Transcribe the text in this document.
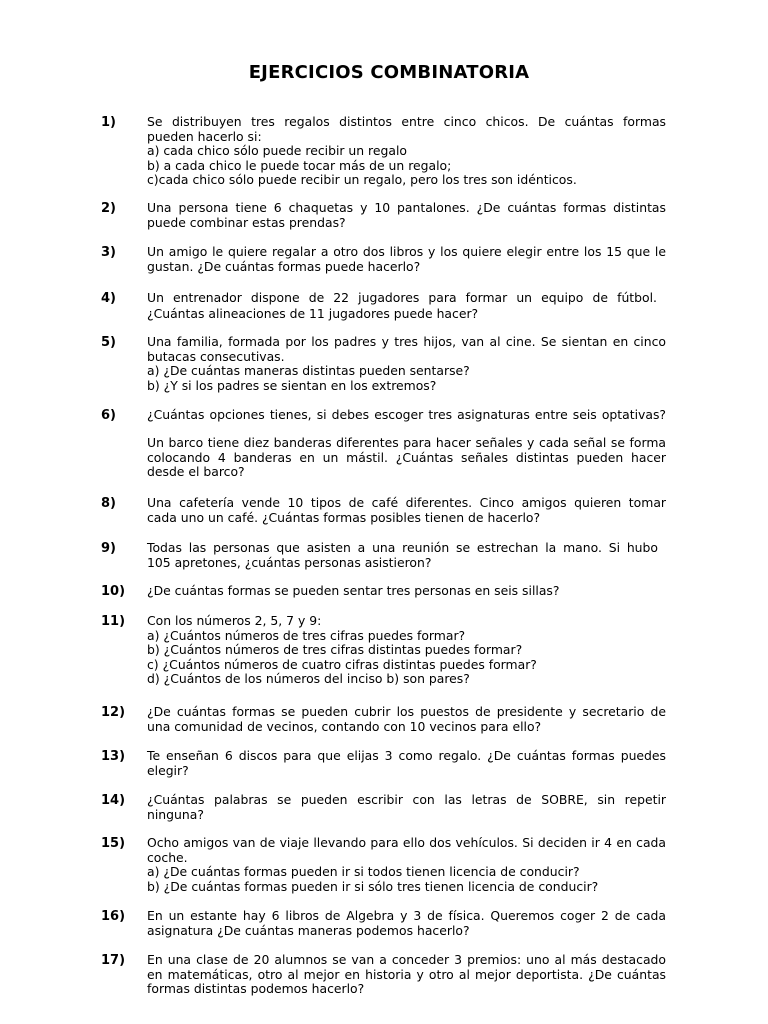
EJERCICIOS COMBINATORIA
1)	Se distribuyen tres regalos distintos entre cinco chicos. De cuántas formas
pueden hacerlo si:
a) cada chico sólo puede recibir un regalo
b) a cada chico le puede tocar más de un regalo;
c)cada chico sólo puede recibir un regalo, pero los tres son idénticos.
2)	Una persona tiene 6 chaquetas y 10 pantalones. ¿De cuántas formas distintas
puede combinar estas prendas?
3)	Un amigo le quiere regalar a otro dos libros y los quiere elegir entre los 15 que le
gustan. ¿De cuántas formas puede hacerlo?
4)	Un entrenador dispone de 22 jugadores para formar un equipo de fútbol.
¿Cuántas alineaciones de 11 jugadores puede hacer?
5)	Una familia, formada por los padres y tres hijos, van al cine. Se sientan en cinco
butacas consecutivas.
a) ¿De cuántas maneras distintas pueden sentarse?
b) ¿Y si los padres se sientan en los extremos?
6)	¿Cuántas opciones tienes, si debes escoger tres asignaturas entre seis optativas?
Un barco tiene diez banderas diferentes para hacer señales y cada señal se forma
colocando 4 banderas en un mástil. ¿Cuántas señales distintas pueden hacer
desde el barco?
8)	Una cafetería vende 10 tipos de café diferentes. Cinco amigos quieren tomar
cada uno un café. ¿Cuántas formas posibles tienen de hacerlo?
9)	Todas las personas que asisten a una reunión se estrechan la mano. Si hubo
105 apretones, ¿cuántas personas asistieron?
10) ¿De cuántas formas se pueden sentar tres personas en seis sillas?
11) Con los números 2, 5, 7 y 9:
a) ¿Cuántos números de tres cifras puedes formar?
b) ¿Cuántos números de tres cifras distintas puedes formar?
c) ¿Cuántos números de cuatro cifras distintas puedes formar?
d) ¿Cuántos de los números del inciso b) son pares?
12) ¿De cuántas formas se pueden cubrir los puestos de presidente y secretario de
una comunidad de vecinos, contando con 10 vecinos para ello?
13) Te enseñan 6 discos para que elijas 3 como regalo. ¿De cuántas formas puedes
elegir?
14) ¿Cuántas palabras se pueden escribir con las letras de SOBRE, sin repetir
ninguna?
15) Ocho amigos van de viaje llevando para ello dos vehículos. Si deciden ir 4 en cada
coche.
a) ¿De cuántas formas pueden ir si todos tienen licencia de conducir?
b) ¿De cuántas formas pueden ir si sólo tres tienen licencia de conducir?
16) En un estante hay 6 libros de Algebra y 3 de física. Queremos coger 2 de cada
asignatura ¿De cuántas maneras podemos hacerlo?
17) En una clase de 20 alumnos se van a conceder 3 premios: uno al más destacado
en matemáticas, otro al mejor en historia y otro al mejor deportista. ¿De cuántas
formas distintas podemos hacerlo?
